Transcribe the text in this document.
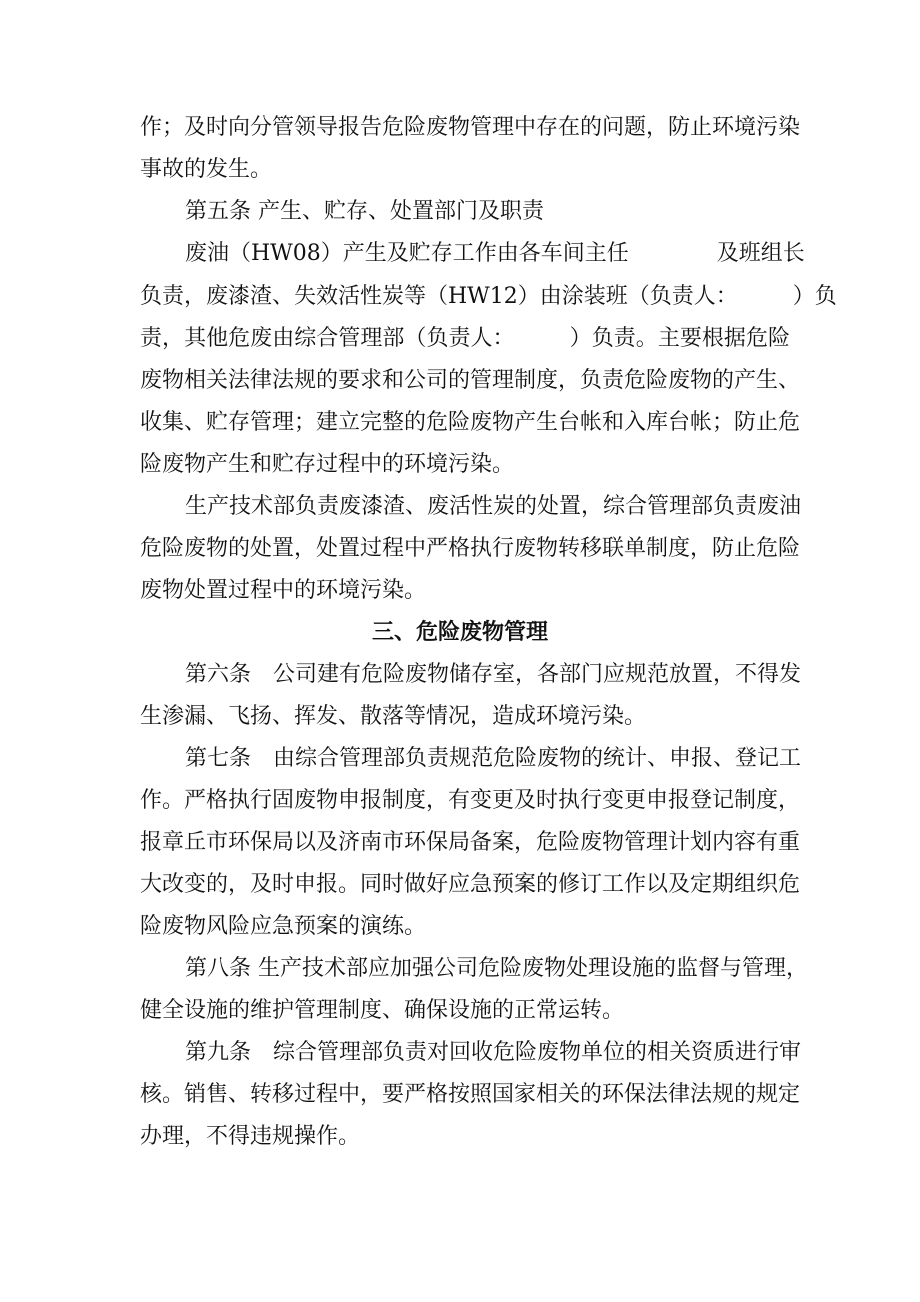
作；及时向分管领导报告危险废物管理中存在的问题，防止环境污染
事故的发生。
第五条 产生、贮存、处置部门及职责
废油（HW08）产生及贮存工作由各车间主任　　　　及班组长
负责，废漆渣、失效活性炭等（HW12）由涂装班（负责人：　　　）负
责，其他危废由综合管理部（负责人：　　　）负责。主要根据危险
废物相关法律法规的要求和公司的管理制度，负责危险废物的产生、
收集、贮存管理；建立完整的危险废物产生台帐和入库台帐；防止危
险废物产生和贮存过程中的环境污染。
生产技术部负责废漆渣、废活性炭的处置，综合管理部负责废油
危险废物的处置，处置过程中严格执行废物转移联单制度，防止危险
废物处置过程中的环境污染。
三、危险废物管理
第六条　公司建有危险废物储存室，各部门应规范放置，不得发
生渗漏、飞扬、挥发、散落等情况，造成环境污染。
第七条　由综合管理部负责规范危险废物的统计、申报、登记工
作。严格执行固废物申报制度，有变更及时执行变更申报登记制度，
报章丘市环保局以及济南市环保局备案，危险废物管理计划内容有重
大改变的，及时申报。同时做好应急预案的修订工作以及定期组织危
险废物风险应急预案的演练。
第八条 生产技术部应加强公司危险废物处理设施的监督与管理，
健全设施的维护管理制度、确保设施的正常运转。
第九条　综合管理部负责对回收危险废物单位的相关资质进行审
核。销售、转移过程中，要严格按照国家相关的环保法律法规的规定
办理，不得违规操作。
